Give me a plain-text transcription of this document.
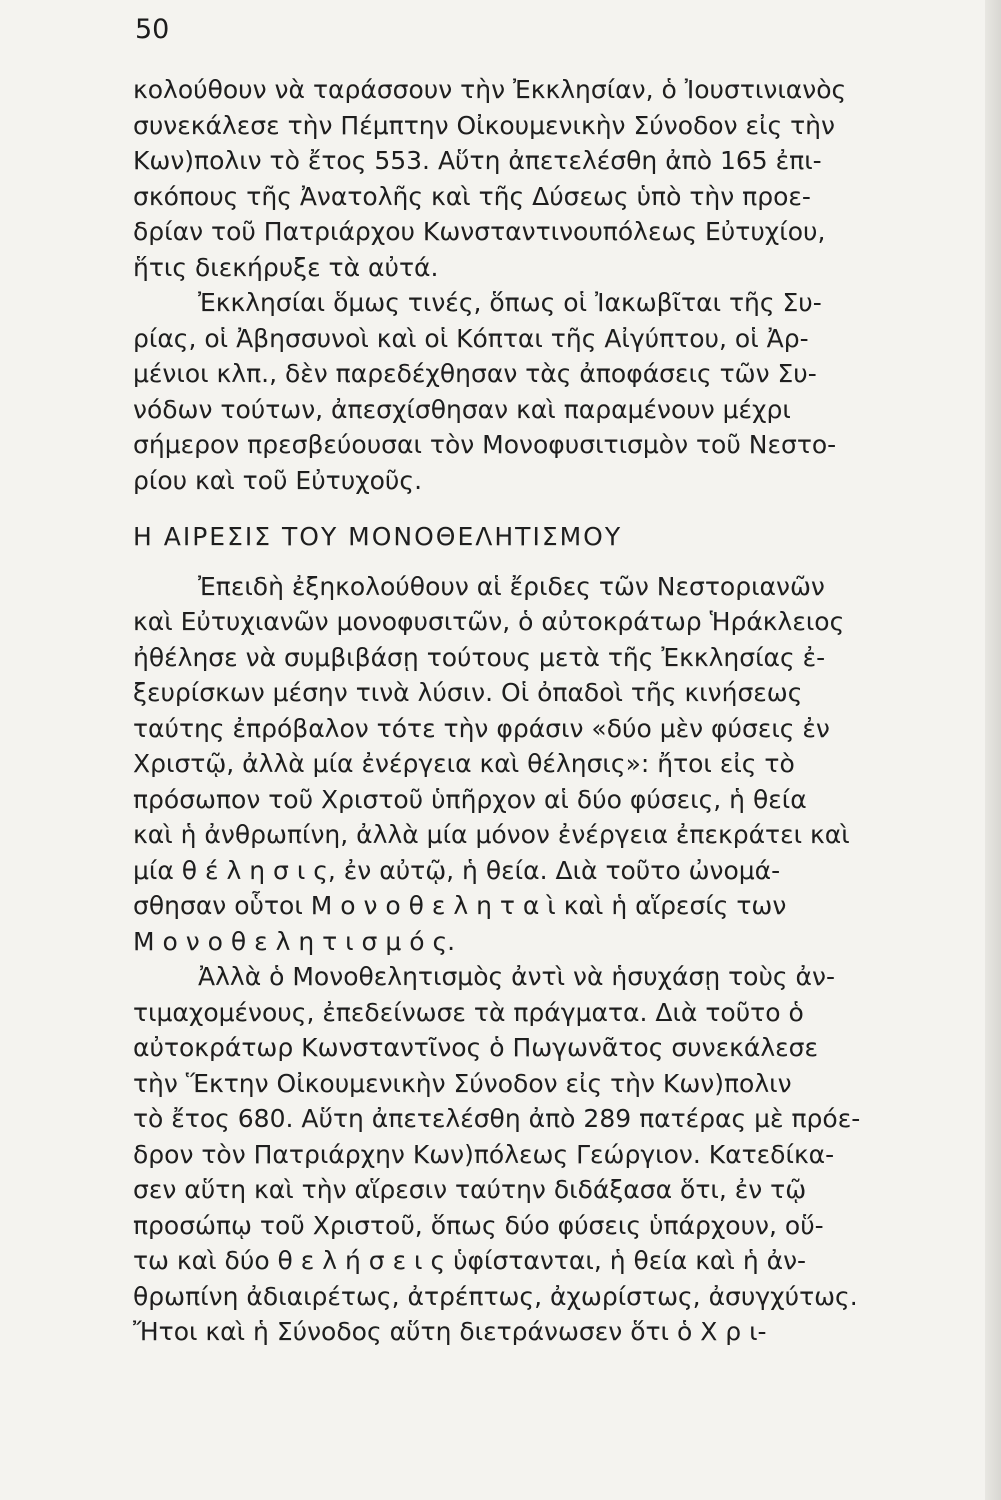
50

κολούθουν νὰ ταράσσουν τὴν Ἐκκλησίαν, ὁ Ἰουστινιανὸς
συνεκάλεσε τὴν Πέμπτην Οἰκουμενικὴν Σύνοδον εἰς τὴν
Κων)πολιν τὸ ἔτος 553. Αὕτη ἀπετελέσθη ἀπὸ 165 ἐπι-
σκόπους τῆς Ἀνατολῆς καὶ τῆς Δύσεως ὑπὸ τὴν προε-
δρίαν τοῦ Πατριάρχου Κωνσταντινουπόλεως Εὐτυχίου,
ἥτις διεκήρυξε τὰ αὐτά.
Ἐκκλησίαι ὅμως τινές, ὅπως οἱ Ἰακωβῖται τῆς Συ-
ρίας, οἱ Ἀβησσυνοὶ καὶ οἱ Κόπται τῆς Αἰγύπτου, οἱ Ἀρ-
μένιοι κλπ., δὲν παρεδέχθησαν τὰς ἀποφάσεις τῶν Συ-
νόδων τούτων, ἀπεσχίσθησαν καὶ παραμένουν μέχρι
σήμερον πρεσβεύουσαι τὸν Μονοφυσιτισμὸν τοῦ Νεστο-
ρίου καὶ τοῦ Εὐτυχοῦς.
Η ΑΙΡΕΣΙΣ ΤΟΥ ΜΟΝΟΘΕΛΗΤΙΣΜΟΥ
Ἐπειδὴ ἐξηκολούθουν αἱ ἔριδες τῶν Νεστοριανῶν
καὶ Εὐτυχιανῶν μονοφυσιτῶν, ὁ αὐτοκράτωρ Ἡράκλειος
ἠθέλησε νὰ συμβιβάσῃ τούτους μετὰ τῆς Ἐκκλησίας ἐ-
ξευρίσκων μέσην τινὰ λύσιν. Οἱ ὀπαδοὶ τῆς κινήσεως
ταύτης ἐπρόβαλον τότε τὴν φράσιν «δύο μὲν φύσεις ἐν
Χριστῷ, ἀλλὰ μία ἐνέργεια καὶ θέλησις»: ἤτοι εἰς τὸ
πρόσωπον τοῦ Χριστοῦ ὑπῆρχον αἱ δύο φύσεις, ἡ θεία
καὶ ἡ ἀνθρωπίνη, ἀλλὰ μία μόνον ἐνέργεια ἐπεκράτει καὶ
μία θ έ λ η σ ι ς, ἐν αὐτῷ, ἡ θεία. Διὰ τοῦτο ὠνομά-
σθησαν οὗτοι Μ ο ν ο θ ε λ η τ α ὶ καὶ ἡ αἵρεσίς των
Μ ο ν ο θ ε λ η τ ι σ μ ό ς.
Ἀλλὰ ὁ Μονοθελητισμὸς ἀντὶ νὰ ἡσυχάσῃ τοὺς ἀν-
τιμαχομένους, ἐπεδείνωσε τὰ πράγματα. Διὰ τοῦτο ὁ
αὐτοκράτωρ Κωνσταντῖνος ὁ Πωγωνᾶτος συνεκάλεσε
τὴν Ἕκτην Οἰκουμενικὴν Σύνοδον εἰς τὴν Κων)πολιν
τὸ ἔτος 680. Αὕτη ἀπετελέσθη ἀπὸ 289 πατέρας μὲ πρόε-
δρον τὸν Πατριάρχην Κων)πόλεως Γεώργιον. Κατεδίκα-
σεν αὕτη καὶ τὴν αἵρεσιν ταύτην διδάξασα ὅτι, ἐν τῷ
προσώπῳ τοῦ Χριστοῦ, ὅπως δύο φύσεις ὑπάρχουν, οὕ-
τω καὶ δύο θ ε λ ή σ ε ι ς ὑφίστανται, ἡ θεία καὶ ἡ ἀν-
θρωπίνη ἀδιαιρέτως, ἀτρέπτως, ἀχωρίστως, ἀσυγχύτως.
Ἤτοι καὶ ἡ Σύνοδος αὕτη διετράνωσεν ὅτι ὁ Χ ρ ι-
